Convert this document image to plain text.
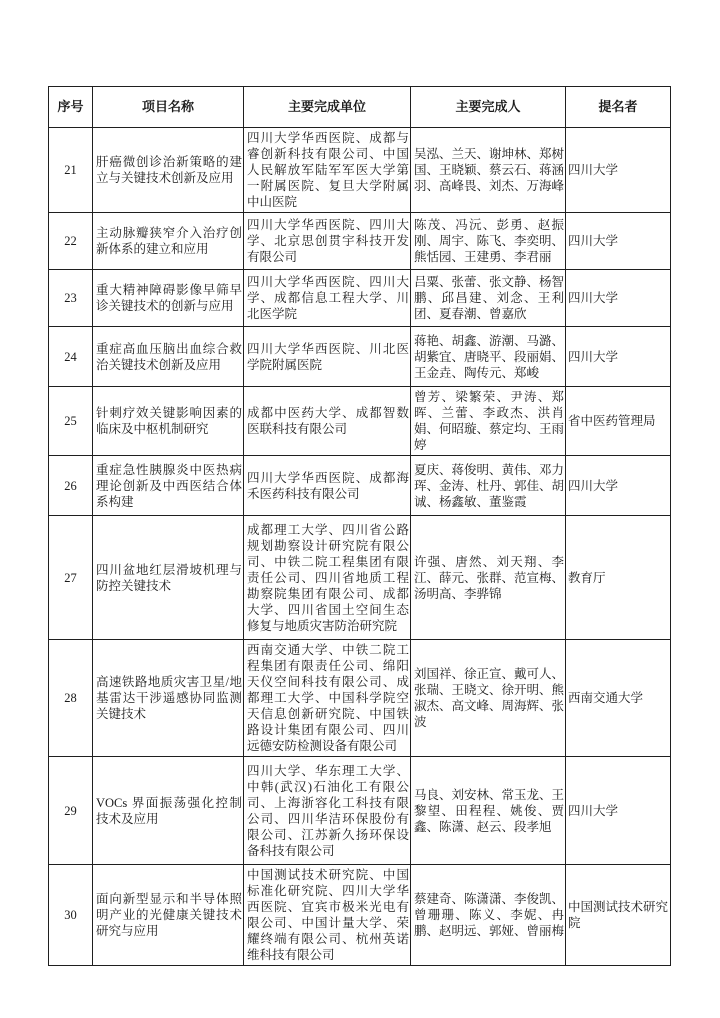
序号	项目名称	主要完成单位	主要完成人	提名者
21	肝癌微创诊治新策略的建立与关键技术创新及应用	四川大学华西医院、成都与睿创新科技有限公司、中国人民解放军陆军军医大学第一附属医院、复旦大学附属中山医院	吴泓、兰天、谢坤林、郑树国、王晓颖、蔡云石、蒋涵羽、高峰畏、刘杰、万海峰	四川大学
22	主动脉瓣狭窄介入治疗创新体系的建立和应用	四川大学华西医院、四川大学、北京思创贯宇科技开发有限公司	陈茂、冯沅、彭勇、赵振刚、周宇、陈飞、李奕明、熊恬园、王建勇、李君丽	四川大学
23	重大精神障碍影像早筛早诊关键技术的创新与应用	四川大学华西医院、四川大学、成都信息工程大学、川北医学院	吕粟、张蕾、张文静、杨智鹏、邱昌建、刘念、王利团、夏春潮、曾嘉欣	四川大学
24	重症高血压脑出血综合救治关键技术创新及应用	四川大学华西医院、川北医学院附属医院	蒋艳、胡鑫、游潮、马潞、胡紫宜、唐晓平、段丽娟、王金垚、陶传元、郑峻	四川大学
25	针刺疗效关键影响因素的临床及中枢机制研究	成都中医药大学、成都智数医联科技有限公司	曾芳、梁繁荣、尹涛、郑晖、兰蕾、李政杰、洪肖娟、何昭璇、蔡定均、王雨婷	省中医药管理局
26	重症急性胰腺炎中医热病理论创新及中西医结合体系构建	四川大学华西医院、成都海禾医药科技有限公司	夏庆、蒋俊明、黄伟、邓力珲、金涛、杜丹、郭佳、胡诚、杨鑫敏、董鉴霞	四川大学
27	四川盆地红层滑坡机理与防控关键技术	成都理工大学、四川省公路规划勘察设计研究院有限公司、中铁二院工程集团有限责任公司、四川省地质工程勘察院集团有限公司、成都大学、四川省国土空间生态修复与地质灾害防治研究院	许强、唐然、刘天翔、李江、薛元、张群、范宣梅、汤明高、李骅锦	教育厅
28	高速铁路地质灾害卫星/地基雷达干涉遥感协同监测关键技术	西南交通大学、中铁二院工程集团有限责任公司、绵阳天仪空间科技有限公司、成都理工大学、中国科学院空天信息创新研究院、中国铁路设计集团有限公司、四川远德安防检测设备有限公司	刘国祥、徐正宣、戴可人、张瑞、王晓文、徐开明、熊淑杰、高文峰、周海辉、张波	西南交通大学
29	VOCs 界面振荡强化控制技术及应用	四川大学、华东理工大学、中韩(武汉)石油化工有限公司、上海浙容化工科技有限公司、四川华洁环保股份有限公司、江苏新久扬环保设备科技有限公司	马良、刘安林、常玉龙、王黎望、田程程、姚俊、贾鑫、陈潇、赵云、段孝旭	四川大学
30	面向新型显示和半导体照明产业的光健康关键技术研究与应用	中国测试技术研究院、中国标准化研究院、四川大学华西医院、宜宾市极米光电有限公司、中国计量大学、荣耀终端有限公司、杭州英诺维科技有限公司	蔡建奇、陈潇潇、李俊凯、曾珊珊、陈义、李妮、冉鹏、赵明远、郭娅、曾丽梅	中国测试技术研究院
